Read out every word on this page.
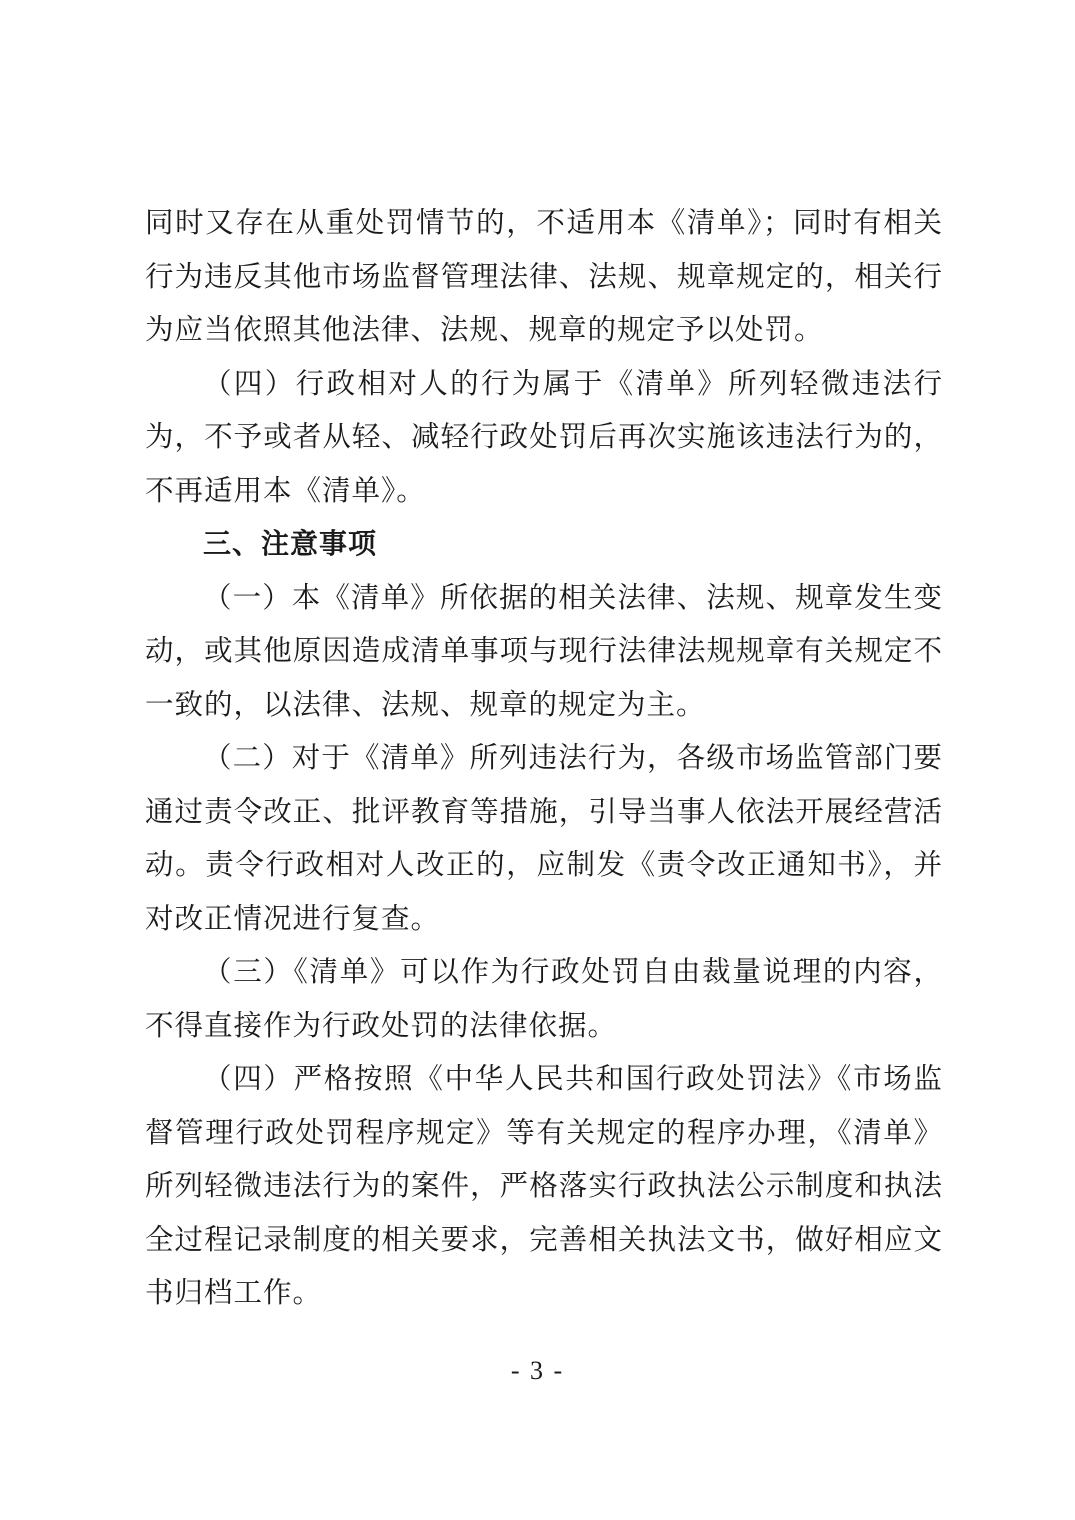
同时又存在从重处罚情节的，不适用本《清单》；同时有相关行为违反其他市场监督管理法律、法规、规章规定的，相关行为应当依照其他法律、法规、规章的规定予以处罚。

（四）行政相对人的行为属于《清单》所列轻微违法行为，不予或者从轻、减轻行政处罚后再次实施该违法行为的，不再适用本《清单》。

三、注意事项

（一）本《清单》所依据的相关法律、法规、规章发生变动，或其他原因造成清单事项与现行法律法规规章有关规定不一致的，以法律、法规、规章的规定为主。

（二）对于《清单》所列违法行为，各级市场监管部门要通过责令改正、批评教育等措施，引导当事人依法开展经营活动。责令行政相对人改正的，应制发《责令改正通知书》，并对改正情况进行复查。

（三）《清单》可以作为行政处罚自由裁量说理的内容，不得直接作为行政处罚的法律依据。

（四）严格按照《中华人民共和国行政处罚法》《市场监督管理行政处罚程序规定》等有关规定的程序办理，《清单》所列轻微违法行为的案件，严格落实行政执法公示制度和执法全过程记录制度的相关要求，完善相关执法文书，做好相应文书归档工作。

- 3 -
